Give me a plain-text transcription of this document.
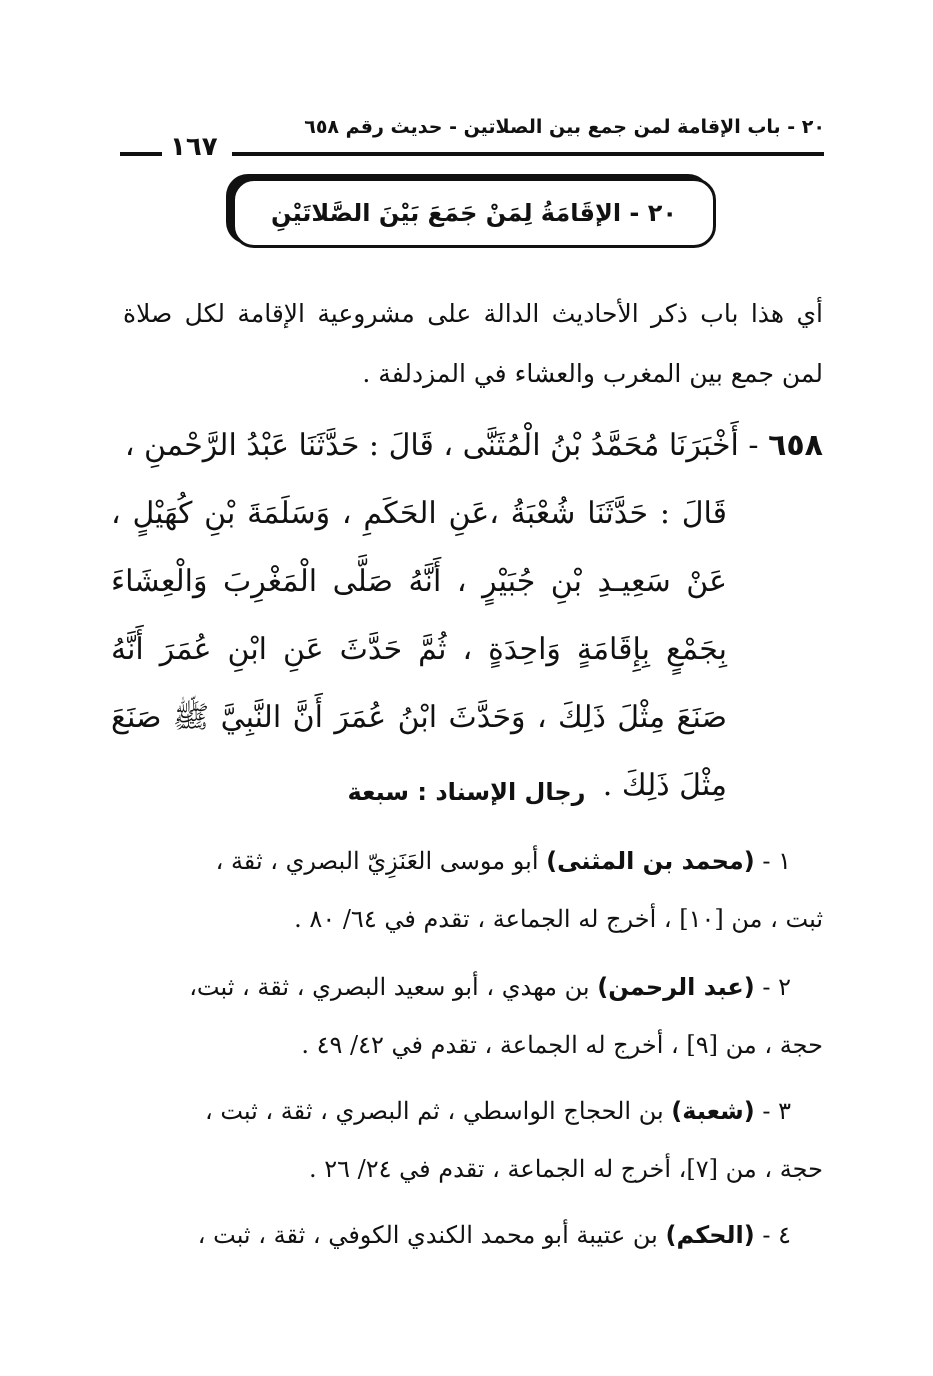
٢٠ - باب الإقامة لمن جمع بين الصلاتين - حديث رقم ٦٥٨
١٦٧
٢٠ - الإقَامَةُ لِمَنْ جَمَعَ بَيْنَ الصَّلاتَيْنِ
أي هذا باب ذكر الأحاديث الدالة على مشروعية الإقامة لكل صلاة لمن جمع بين المغرب والعشاء في المزدلفة .
٦٥٨ - أَخْبَرَنَا مُحَمَّدُ بْنُ الْمُثَنَّى ، قَالَ : حَدَّثَنَا عَبْدُ الرَّحْمنِ ،
قَالَ : حَدَّثَنَا شُعْبَةُ ،عَنِ الحَكَمِ ، وَسَلَمَةَ بْنِ كُهَيْلٍ ، عَنْ سَعِيـدِ بْنِ جُبَيْرٍ ، أَنَّهُ صَلَّى الْمَغْرِبَ وَالْعِشَاءَ بِجَمْعٍ بِإِقَامَةٍ وَاحِدَةٍ ، ثُمَّ حَدَّثَ عَنِ ابْنِ عُمَرَ أَنَّهُ صَنَعَ مِثْلَ ذَلِكَ ، وَحَدَّثَ ابْنُ عُمَرَ أَنَّ النَّبِيَّ ﷺ صَنَعَ مِثْلَ ذَلِكَ .
رجال الإسناد : سبعة
١ - (محمد بن المثنى) أبو موسى العَنَزِيّ البصري ، ثقة ،
ثبت ، من [١٠] ، أخرج له الجماعة ، تقدم في ٦٤/ ٨٠ .
٢ - (عبد الرحمن) بن مهدي ، أبو سعيد البصري ، ثقة ، ثبت،
حجة ، من [٩] ، أخرج له الجماعة ، تقدم في ٤٢/ ٤٩ .
٣ - (شعبة) بن الحجاج الواسطي ، ثم البصري ، ثقة ، ثبت ،
حجة ، من [٧]، أخرج له الجماعة ، تقدم في ٢٤/ ٢٦ .
٤ - (الحكم) بن عتيبة أبو محمد الكندي الكوفي ، ثقة ، ثبت ،
